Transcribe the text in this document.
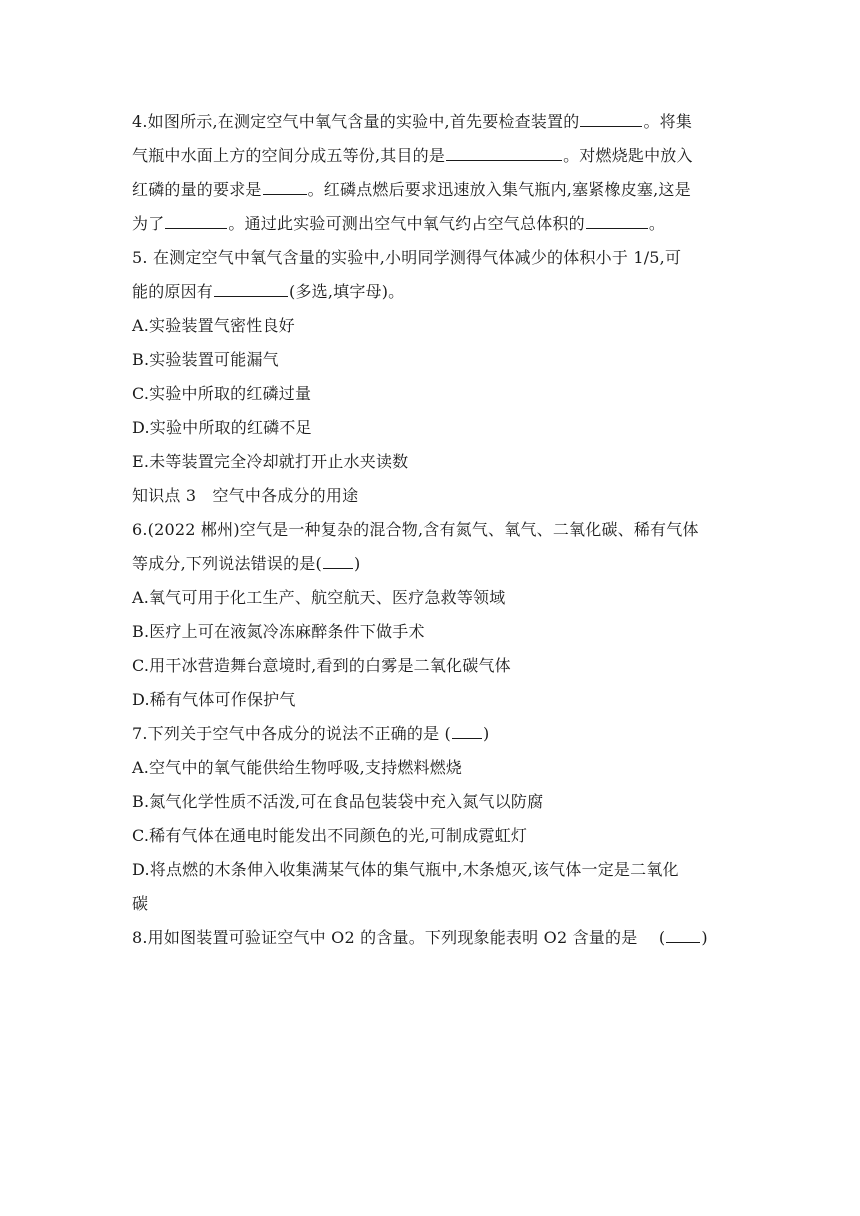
4.如图所示,在测定空气中氧气含量的实验中,首先要检查装置的	。将集
气瓶中水面上方的空间分成五等份,其目的是	。对燃烧匙中放入
红磷的量的要求是	。红磷点燃后要求迅速放入集气瓶内,塞紧橡皮塞,这是
为了	。通过此实验可测出空气中氧气约占空气总体积的	。
5. 在测定空气中氧气含量的实验中,小明同学测得气体减少的体积小于 1/5,可
能的原因有	(多选,填字母)。
A.实验装置气密性良好
B.实验装置可能漏气
C.实验中所取的红磷过量
D.实验中所取的红磷不足
E.未等装置完全冷却就打开止水夹读数
知识点 3　空气中各成分的用途
6.(2022 郴州)空气是一种复杂的混合物,含有氮气、氧气、二氧化碳、稀有气体
等成分,下列说法错误的是( )
A.氧气可用于化工生产、航空航天、医疗急救等领域
B.医疗上可在液氮冷冻麻醉条件下做手术
C.用干冰营造舞台意境时,看到的白雾是二氧化碳气体
D.稀有气体可作保护气
7.下列关于空气中各成分的说法不正确的是 ( )
A.空气中的氧气能供给生物呼吸,支持燃料燃烧
B.氮气化学性质不活泼,可在食品包装袋中充入氮气以防腐
C.稀有气体在通电时能发出不同颜色的光,可制成霓虹灯
D.将点燃的木条伸入收集满某气体的集气瓶中,木条熄灭,该气体一定是二氧化
碳
8.用如图装置可验证空气中 O2 的含量。下列现象能表明 O2 含量的是　 ( )
